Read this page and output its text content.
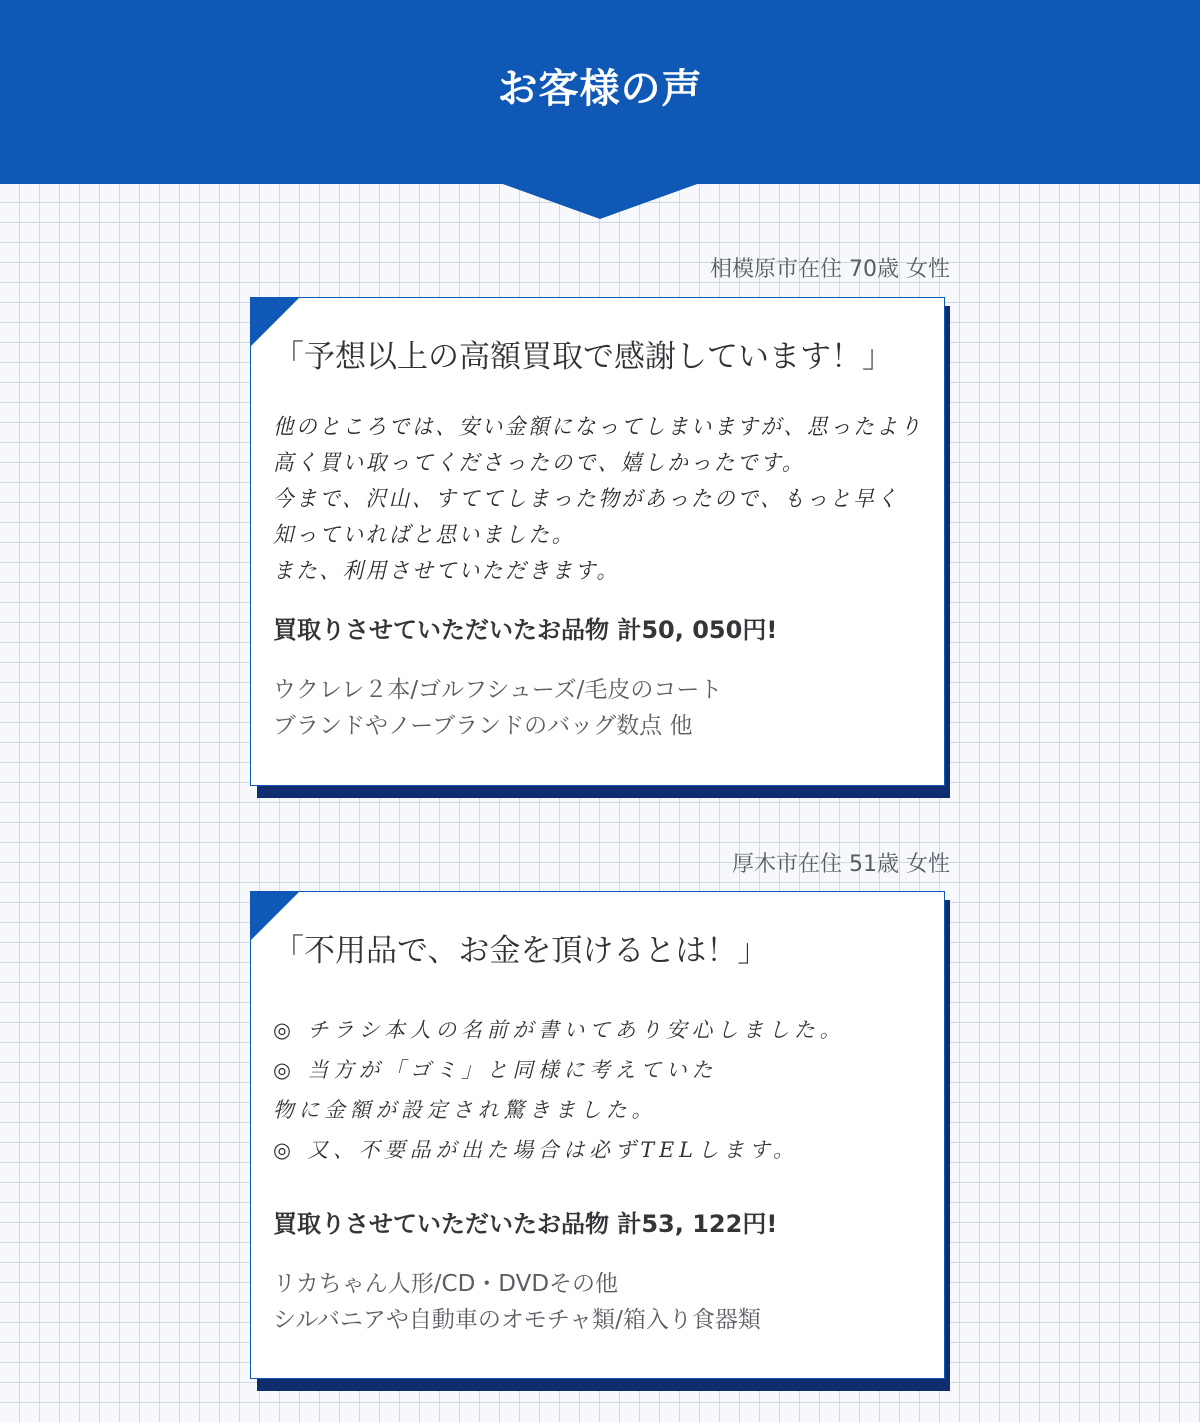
お客様の声
相模原市在住 70歳 女性
「予想以上の高額買取で感謝しています！」
他のところでは、安い金額になってしまいますが、思ったより
高く買い取ってくださったので、嬉しかったです。
今まで、沢山、すててしまった物があったので、もっと早く
知っていればと思いました。
また、利用させていただきます。
買取りさせていただいたお品物 計50, 050円!
ウクレレ２本/ゴルフシューズ/毛皮のコート
ブランドやノーブランドのバッグ数点 他
厚木市在住 51歳 女性
「不用品で、お金を頂けるとは！」
◎ チラシ本人の名前が書いてあり安心しました。
◎ 当方が「ゴミ」と同様に考えていた
物に金額が設定され驚きました。
◎ 又、不要品が出た場合は必ずTELします。
買取りさせていただいたお品物 計53, 122円!
リカちゃん人形/CD・DVDその他
シルバニアや自動車のオモチャ類/箱入り食器類
